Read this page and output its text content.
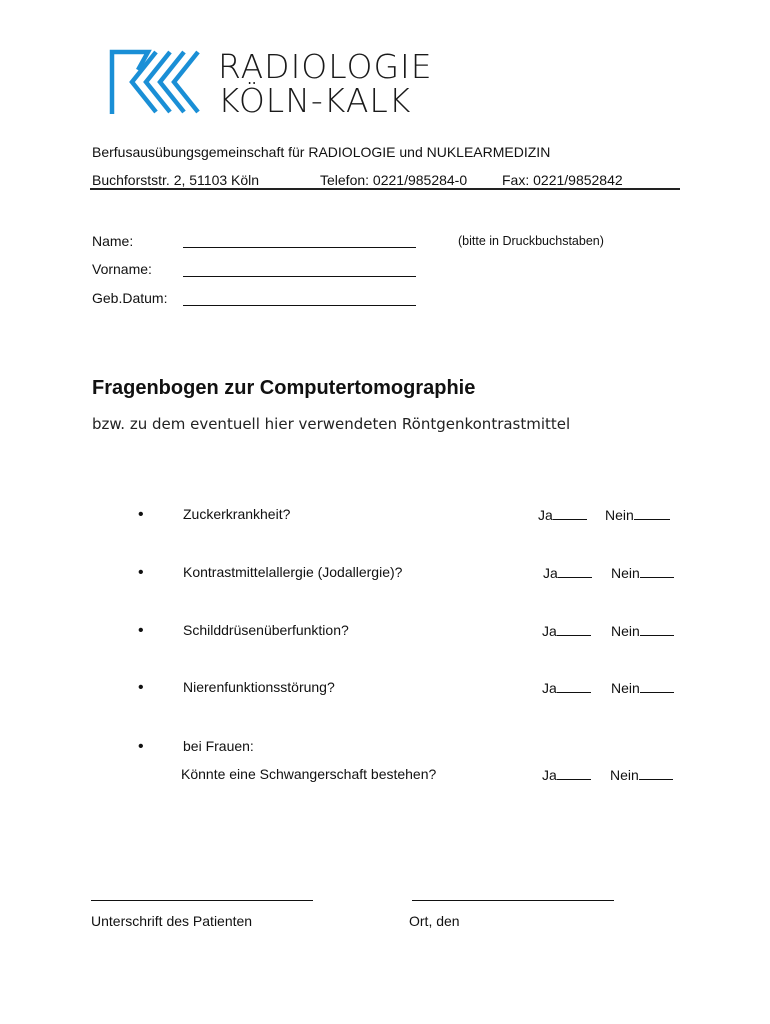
RADIOLOGIE
KÖLN-KALK
Berfusausübungsgemeinschaft für RADIOLOGIE und NUKLEARMEDIZIN
Buchforststr. 2, 51103 Köln	Telefon: 0221/985284-0 Fax: 0221/9852842
Name:	(bitte in Druckbuchstaben)
Vorname:
Geb.Datum:
Fragenbogen zur Computertomographie
bzw. zu dem eventuell hier verwendeten Röntgenkontrastmittel
•	Zuckerkrankheit?	Ja	Nein
•	Kontrastmittelallergie (Jodallergie)?	Ja	Nein
•	Schilddrüsenüberfunktion?	Ja	Nein
•	Nierenfunktionsstörung?	Ja	Nein
•	bei Frauen:
Könnte eine Schwangerschaft bestehen?	Ja	Nein
Unterschrift des Patienten	Ort, den
